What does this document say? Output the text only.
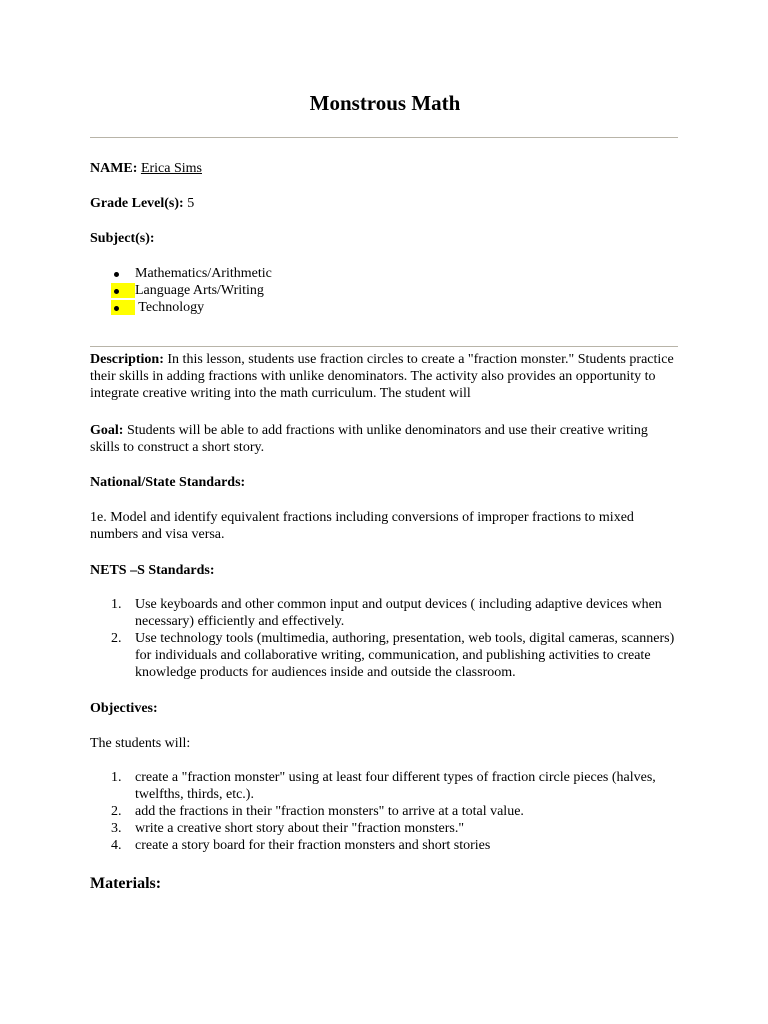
Monstrous Math

NAME: Erica Sims

Grade Level(s): 5

Subject(s):

Mathematics/Arithmetic
Language Arts/Writing
Technology

Description: In this lesson, students use fraction circles to create a "fraction monster." Students practice their skills in adding fractions with unlike denominators. The activity also provides an opportunity to integrate creative writing into the math curriculum. The student will

Goal: Students will be able to add fractions with unlike denominators and use their creative writing skills to construct a short story.

National/State Standards:

1e. Model and identify equivalent fractions including conversions of improper fractions to mixed numbers and visa versa.

NETS –S Standards:

1. Use keyboards and other common input and output devices ( including adaptive devices when necessary) efficiently and effectively.
2. Use technology tools (multimedia, authoring, presentation, web tools, digital cameras, scanners) for individuals and collaborative writing, communication, and publishing activities to create knowledge products for audiences inside and outside the classroom.

Objectives:

The students will:

1. create a "fraction monster" using at least four different types of fraction circle pieces (halves, twelfths, thirds, etc.).
2. add the fractions in their "fraction monsters" to arrive at a total value.
3. write a creative short story about their "fraction monsters."
4. create a story board for their fraction monsters and short stories

Materials:
